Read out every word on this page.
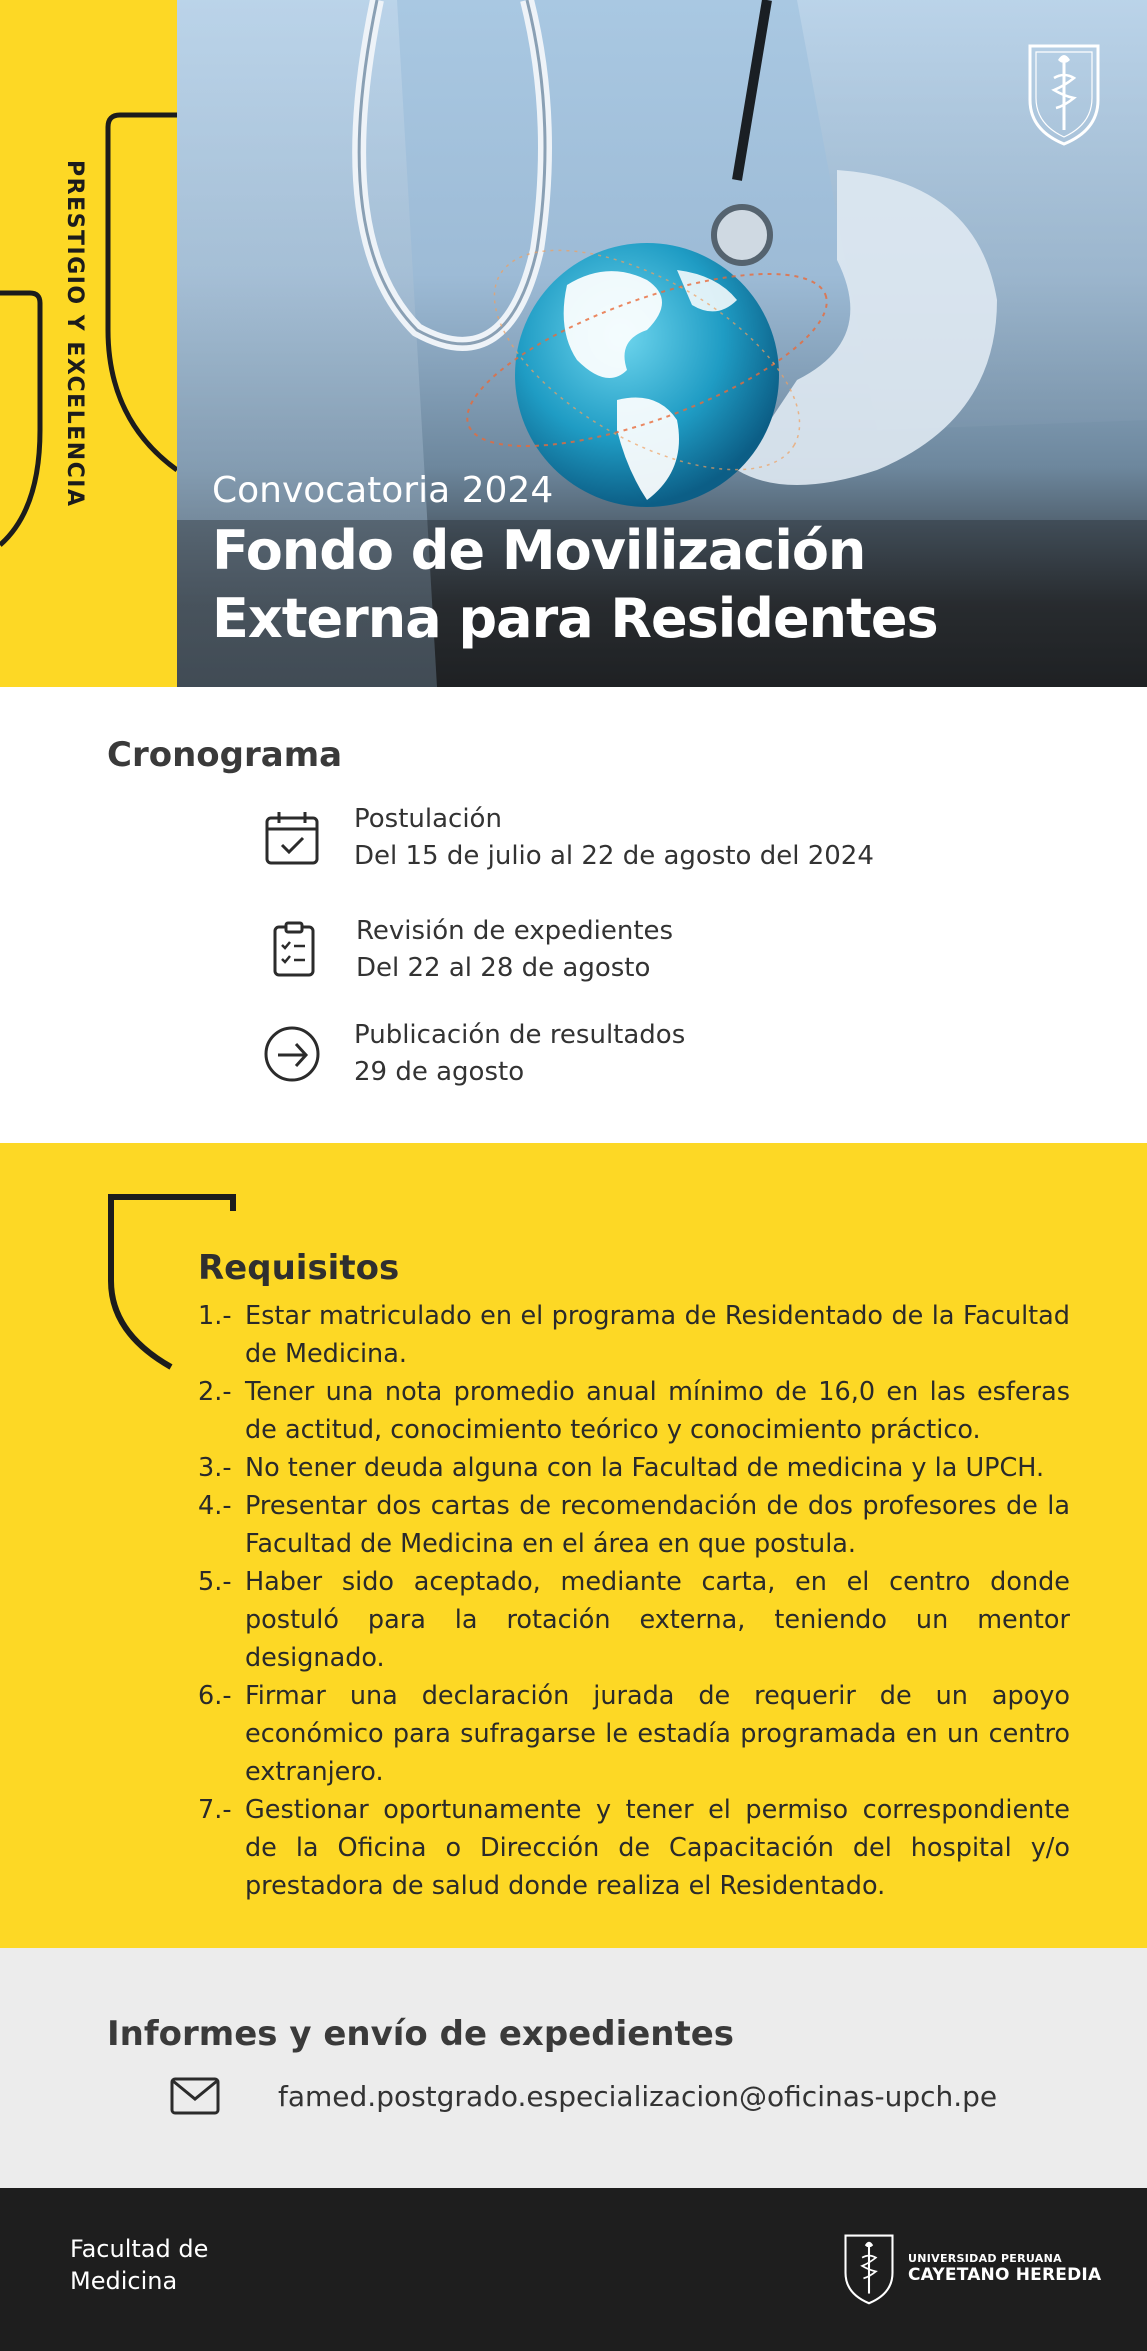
PRESTIGIO Y EXCELENCIA	Convocatoria 2024
Fondo de Movilización
Externa para Residentes
Cronograma
Postulación
Del 15 de julio al 22 de agosto del 2024
Revisión de expedientes
Del 22 al 28 de agosto
Publicación de resultados
29 de agosto
Requisitos
1.- Estar matriculado en el programa de Residentado de la Facultad de Medicina.
2.- Tener una nota promedio anual mínimo de 16,0 en las esferas de actitud, conocimiento teórico y conocimiento práctico.
3.- No tener deuda alguna con la Facultad de medicina y la UPCH.
4.- Presentar dos cartas de recomendación de dos profesores de la Facultad de Medicina en el área en que postula.
5.- Haber sido aceptado, mediante carta, en el centro donde postuló para la rotación externa, teniendo un mentor designado.
6.- Firmar una declaración jurada de requerir de un apoyo económico para sufragarse le estadía programada en un centro extranjero.
7.- Gestionar oportunamente y tener el permiso correspondiente de la Oficina o Dirección de Capacitación del hospital y/o prestadora de salud donde realiza el Residentado.
Informes y envío de expedientes
famed.postgrado.especializacion@oficinas-upch.pe
Facultad de
Medicina
UNIVERSIDAD PERUANA
CAYETANO HEREDIA
